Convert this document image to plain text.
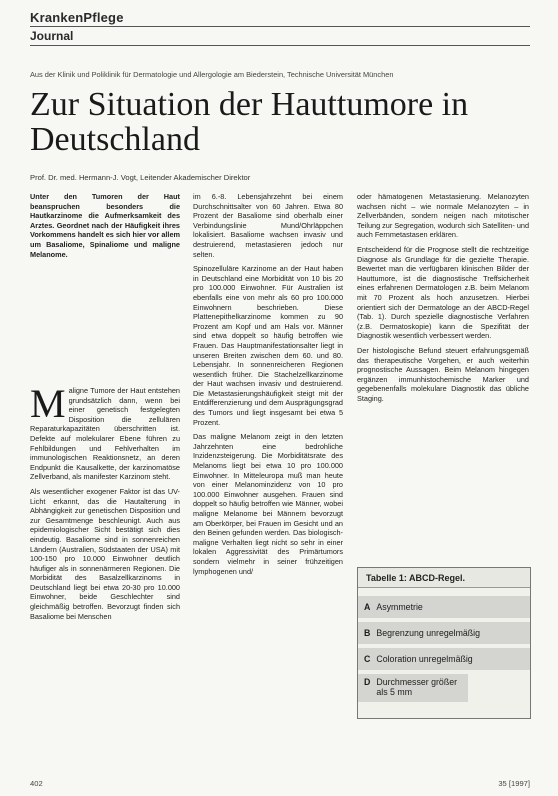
KrankenPflege
Journal
Aus der Klinik und Poliklinik für Dermatologie und Allergologie am Biederstein, Technische Universität München
Zur Situation der Hauttumore in Deutschland
Prof. Dr. med. Hermann-J. Vogt, Leitender Akademischer Direktor

Unter den Tumoren der Haut beanspruchen besonders die Hautkarzinome die Aufmerksamkeit des Arztes. Geordnet nach der Häufigkeit ihres Vorkommens handelt es sich hier vor allem um Basaliome, Spinaliome und maligne Melanome.

Maligne Tumore der Haut entstehen grundsätzlich dann, wenn bei einer genetisch festgelegten Disposition die zellulären Reparaturkapazitäten überschritten ist. Defekte auf molekularer Ebene führen zu Fehlbildungen und Fehlverhalten im immunologischen Reaktionsnetz, an deren Endpunkt die Kausalkette, der karzinomatöse Zellverband, als manifester Karzinom steht.

Als wesentlicher exogener Faktor ist das UV-Licht erkannt, das die Hautalterung in Abhängigkeit zur genetischen Disposition und zur Gesamtmenge beschleunigt. Auch aus epidemiologischer Sicht bestätigt sich dies eindeutig. Basaliome sind in sonnenreichen Ländern (Australien, Südstaaten der USA) mit 100-150 pro 10.000 Einwohner deutlich häufiger als in sonnenärmeren Regionen. Die Morbidität des Basalzellkarzinoms in Deutschland liegt bei etwa 20-30 pro 10.000 Einwohner, beide Geschlechter sind gleichmäßig betroffen. Bevorzugt finden sich Basaliome bei Menschen

im 6.-8. Lebensjahrzehnt bei einem Durchschnittsalter von 60 Jahren. Etwa 80 Prozent der Basaliome sind oberhalb einer Verbindungslinie Mund/Ohrläppchen lokalisiert. Basaliome wachsen invasiv und destruierend, metastasieren jedoch nur selten.

Spinozelluläre Karzinome an der Haut haben in Deutschland eine Morbidität von 10 bis 20 pro 100.000 Einwohner. Für Australien ist ebenfalls eine von mehr als 60 pro 100.000 Einwohnern beschrieben. Diese Plattenepithelkarzinome kommen zu 90 Prozent am Kopf und am Hals vor. Männer sind etwa doppelt so häufig betroffen wie Frauen. Das Hauptmanifestationsalter liegt in unseren Breiten zwischen dem 60. und 80. Lebensjahr. In sonnenreicheren Regionen wesentlich früher. Die Stachelzellkarzinome der Haut wachsen invasiv und destruierend. Die Metastasierungshäufigkeit steigt mit der Entdifferenzierung und dem Ausprägungsgrad des Tumors und liegt insgesamt bei etwa 5 Prozent.

Das maligne Melanom zeigt in den letzten Jahrzehnten eine bedrohliche Inzidenzsteigerung. Die Morbiditätsrate des Melanoms liegt bei etwa 10 pro 100.000 Einwohner. In Mitteleuropa muß man heute von einer Melanominzidenz von 10 pro 100.000 Einwohner ausgehen. Frauen sind doppelt so häufig betroffen wie Männer, wobei maligne Melanome bei Männern bevorzugt am Oberkörper, bei Frauen im Gesicht und an den Beinen gefunden werden. Das biologisch-maligne Verhalten liegt nicht so sehr in einer lokalen Aggressivität des Primärtumors sondern vielmehr in seiner frühzeitigen lymphogenen und/

oder hämatogenen Metastasierung. Melanozyten wachsen nicht – wie normale Melanozyten – in Zellverbänden, sondern neigen nach mitotischer Teilung zur Segregation, wodurch sich Satelliten- und auch Fernmetastasen erklären.

Entscheidend für die Prognose stellt die rechtzeitige Diagnose als Grundlage für die gezielte Therapie. Bewertet man die verfügbaren klinischen Bilder der Hauttumore, ist die diagnostische Treffsicherheit eines erfahrenen Dermatologen z.B. beim Melanom mit 70 Prozent als hoch anzusetzen. Hierbei orientiert sich der Dermatologe an der ABCD-Regel (Tab. 1). Durch spezielle diagnostische Verfahren (z.B. Dermatoskopie) kann die Spezifität der Diagnostik wesentlich verbessert werden.

Der histologische Befund steuert erfahrungsgemäß das therapeutische Vorgehen, er auch weiterhin prognostische Aussagen. Beim Melanom hingegen ergänzen immunhistochemische Marker und gegebenenfalls molekulare Diagnostik das übliche Staging.

Tabelle 1: ABCD-Regel.

A Asymmetrie
B Begrenzung unregelmäßig
C Coloration unregelmäßig
D Durchmesser größer als 5 mm
402	35 [1997]
